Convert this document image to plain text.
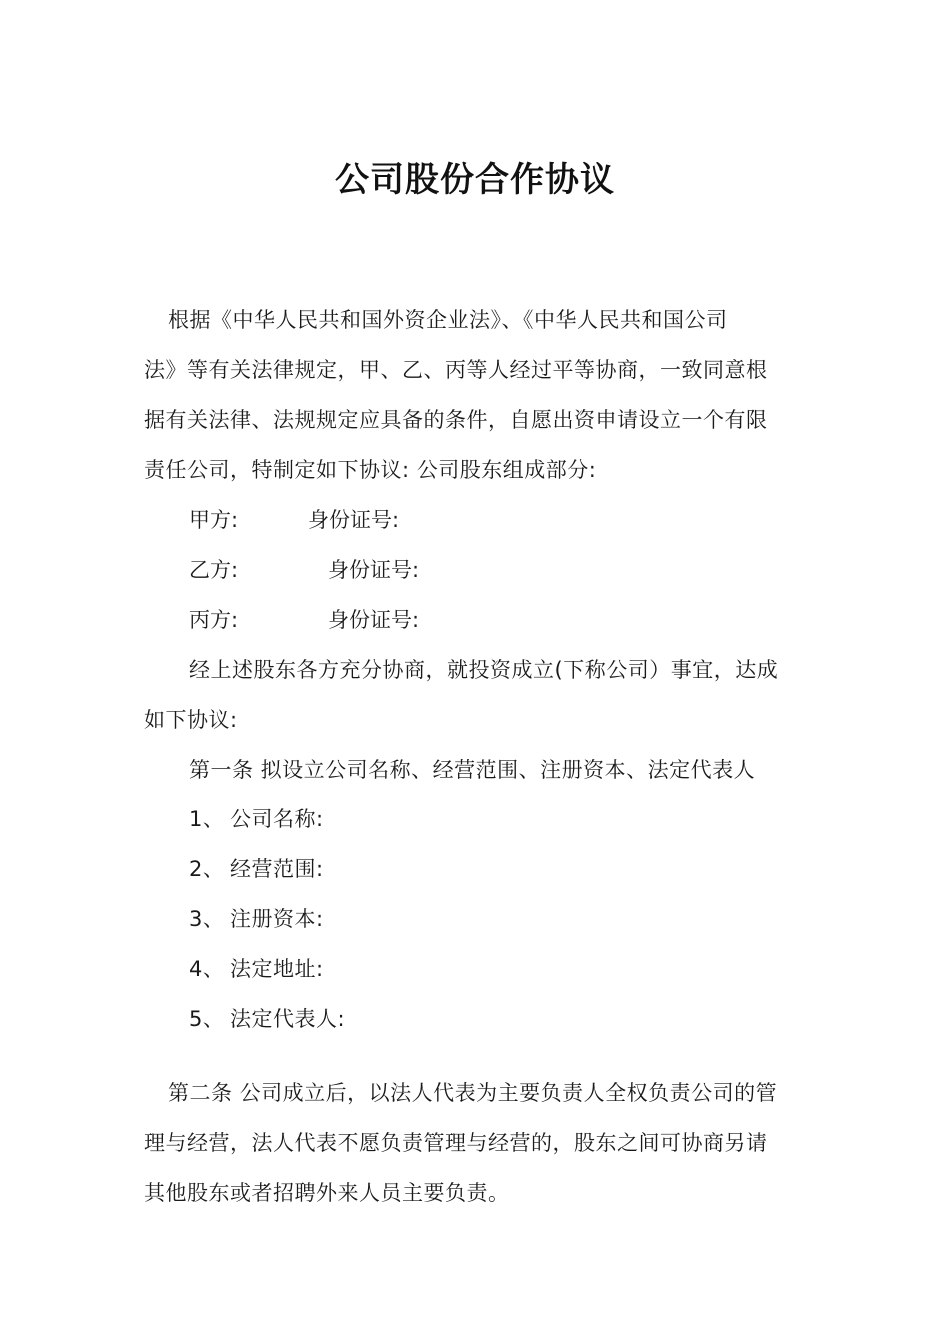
公司股份合作协议
根据《中华人民共和国外资企业法》、《中华人民共和国公司
法》等有关法律规定，甲、乙、丙等人经过平等协商，一致同意根
据有关法律、法规规定应具备的条件，自愿出资申请设立一个有限
责任公司，特制定如下协议: 公司股东组成部分:
甲方:	身份证号:
乙方:	身份证号:
丙方:	身份证号:
经上述股东各方充分协商，就投资成立(下称公司）事宜，达成
如下协议:
第一条 拟设立公司名称、经营范围、注册资本、法定代表人
1、 公司名称:
2、 经营范围:
3、 注册资本:
4、 法定地址:
5、 法定代表人:
第二条 公司成立后，以法人代表为主要负责人全权负责公司的管
理与经营，法人代表不愿负责管理与经营的，股东之间可协商另请
其他股东或者招聘外来人员主要负责。
